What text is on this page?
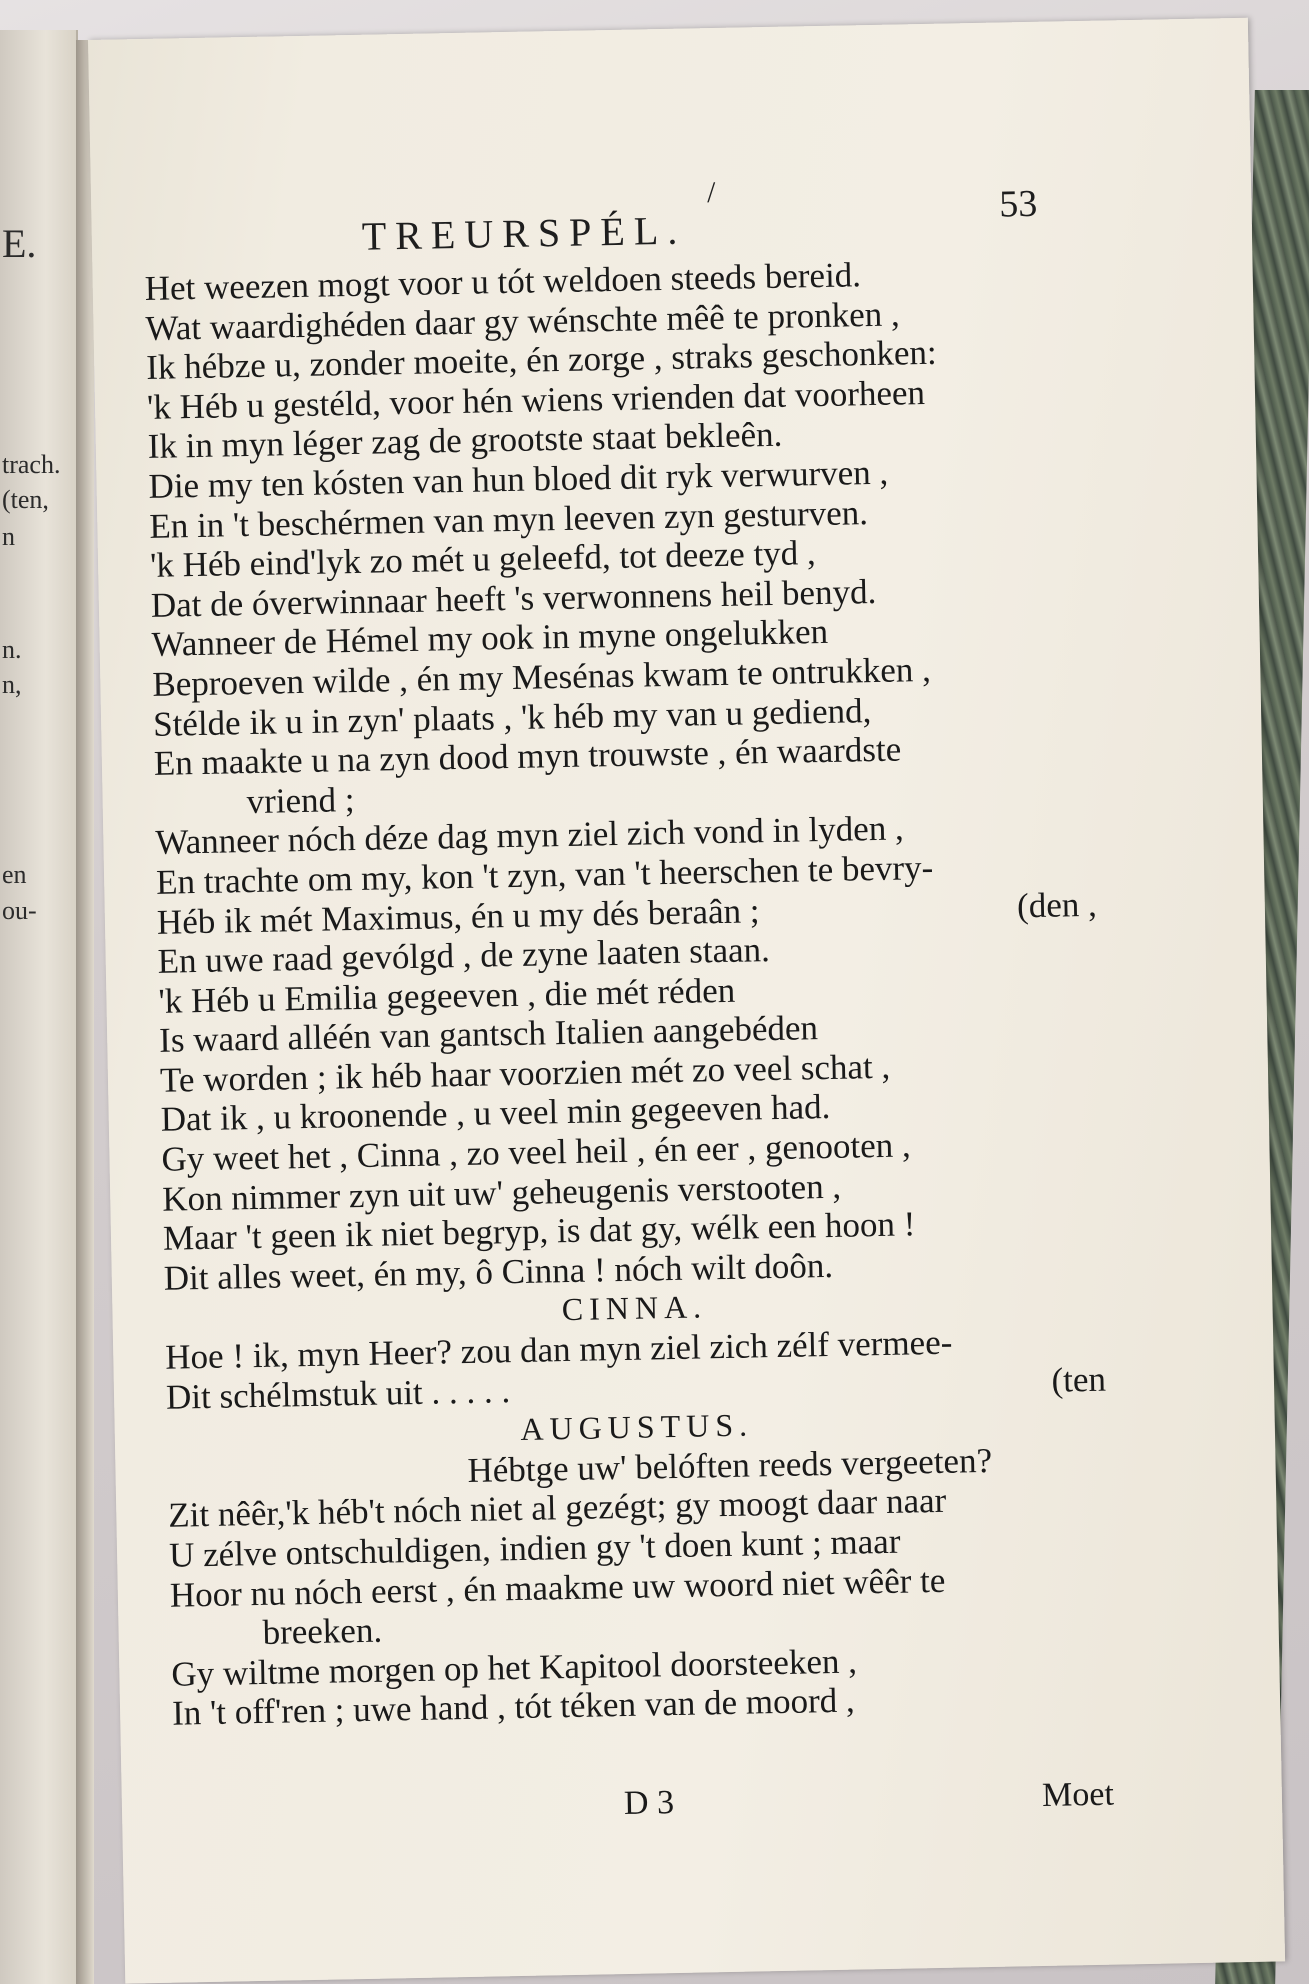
E.
trach.
(ten,
n
n.
n,
en
ou-
/
TREURSPÉL.
53
Het weezen mogt voor u tót weldoen steeds bereid.
Wat waardighéden daar gy wénschte mêê te pronken ,
Ik hébze u, zonder moeite, én zorge , straks geschonken:
'k Héb u gestéld, voor hén wiens vrienden dat voorheen
Ik in myn léger zag de grootste staat bekleên.
Die my ten kósten van hun bloed dit ryk verwurven ,
En in 't beschérmen van myn leeven zyn gesturven.
'k Héb eind'lyk zo mét u geleefd, tot deeze tyd ,
Dat de óverwinnaar heeft 's verwonnens heil benyd.
Wanneer de Hémel my ook in myne ongelukken
Beproeven wilde , én my Mesénas kwam te ontrukken ,
Stélde ik u in zyn' plaats , 'k héb my van u gediend,
En maakte u na zyn dood myn trouwste , én waardste
vriend ;
Wanneer nóch déze dag myn ziel zich vond in lyden ,
En trachte om my, kon 't zyn, van 't heerschen te bevry-
Héb ik mét Maximus, én u my dés beraân ;	(den ,
En uwe raad gevólgd , de zyne laaten staan.
'k Héb u Emilia gegeeven , die mét réden
Is waard alléén van gantsch Italien aangebéden
Te worden ; ik héb haar voorzien mét zo veel schat ,
Dat ik , u kroonende , u veel min gegeeven had.
Gy weet het , Cinna , zo veel heil , én eer , genooten ,
Kon nimmer zyn uit uw' geheugenis verstooten ,
Maar 't geen ik niet begryp, is dat gy, wélk een hoon !
Dit alles weet, én my, ô Cinna ! nóch wilt doôn.
CINNA.
Hoe ! ik, myn Heer? zou dan myn ziel zich zélf vermee-
Dit schélmstuk uit . . . . .	(ten
AUGUSTUS.
Hébtge uw' belóften reeds vergeeten?
Zit nêêr,'k héb't nóch niet al gezégt; gy moogt daar naar
U zélve ontschuldigen, indien gy 't doen kunt ; maar
Hoor nu nóch eerst , én maakme uw woord niet wêêr te
breeken.
Gy wiltme morgen op het Kapitool doorsteeken ,
In 't off'ren ; uwe hand , tót téken van de moord ,
D 3	Moet
